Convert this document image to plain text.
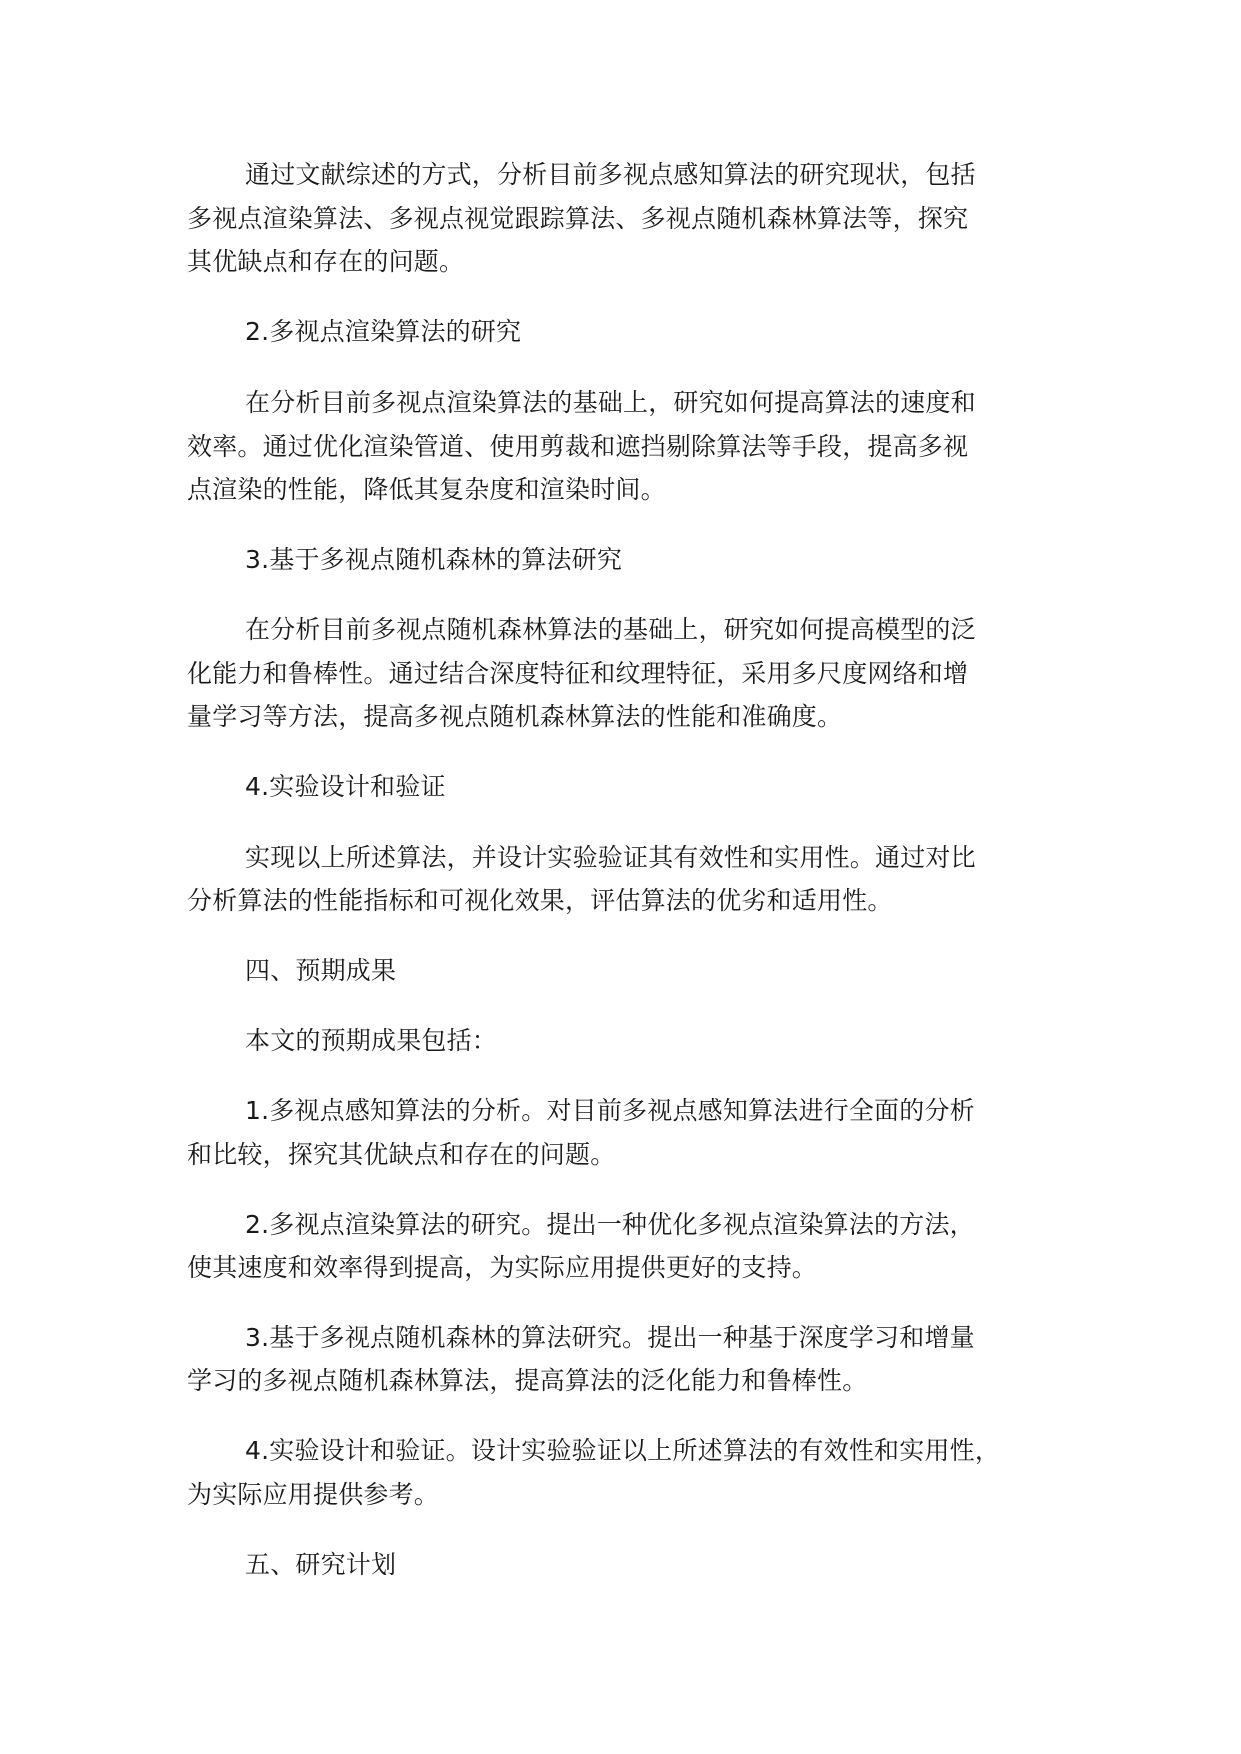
通过文献综述的方式，分析目前多视点感知算法的研究现状，包括
多视点渲染算法、多视点视觉跟踪算法、多视点随机森林算法等，探究
其优缺点和存在的问题。
2.多视点渲染算法的研究
在分析目前多视点渲染算法的基础上，研究如何提高算法的速度和
效率。通过优化渲染管道、使用剪裁和遮挡剔除算法等手段，提高多视
点渲染的性能，降低其复杂度和渲染时间。
3.基于多视点随机森林的算法研究
在分析目前多视点随机森林算法的基础上，研究如何提高模型的泛
化能力和鲁棒性。通过结合深度特征和纹理特征，采用多尺度网络和增
量学习等方法，提高多视点随机森林算法的性能和准确度。
4.实验设计和验证
实现以上所述算法，并设计实验验证其有效性和实用性。通过对比
分析算法的性能指标和可视化效果，评估算法的优劣和适用性。
四、预期成果
本文的预期成果包括：
1.多视点感知算法的分析。对目前多视点感知算法进行全面的分析
和比较，探究其优缺点和存在的问题。
2.多视点渲染算法的研究。提出一种优化多视点渲染算法的方法，
使其速度和效率得到提高，为实际应用提供更好的支持。
3.基于多视点随机森林的算法研究。提出一种基于深度学习和增量
学习的多视点随机森林算法，提高算法的泛化能力和鲁棒性。
4.实验设计和验证。设计实验验证以上所述算法的有效性和实用性，
为实际应用提供参考。
五、研究计划
